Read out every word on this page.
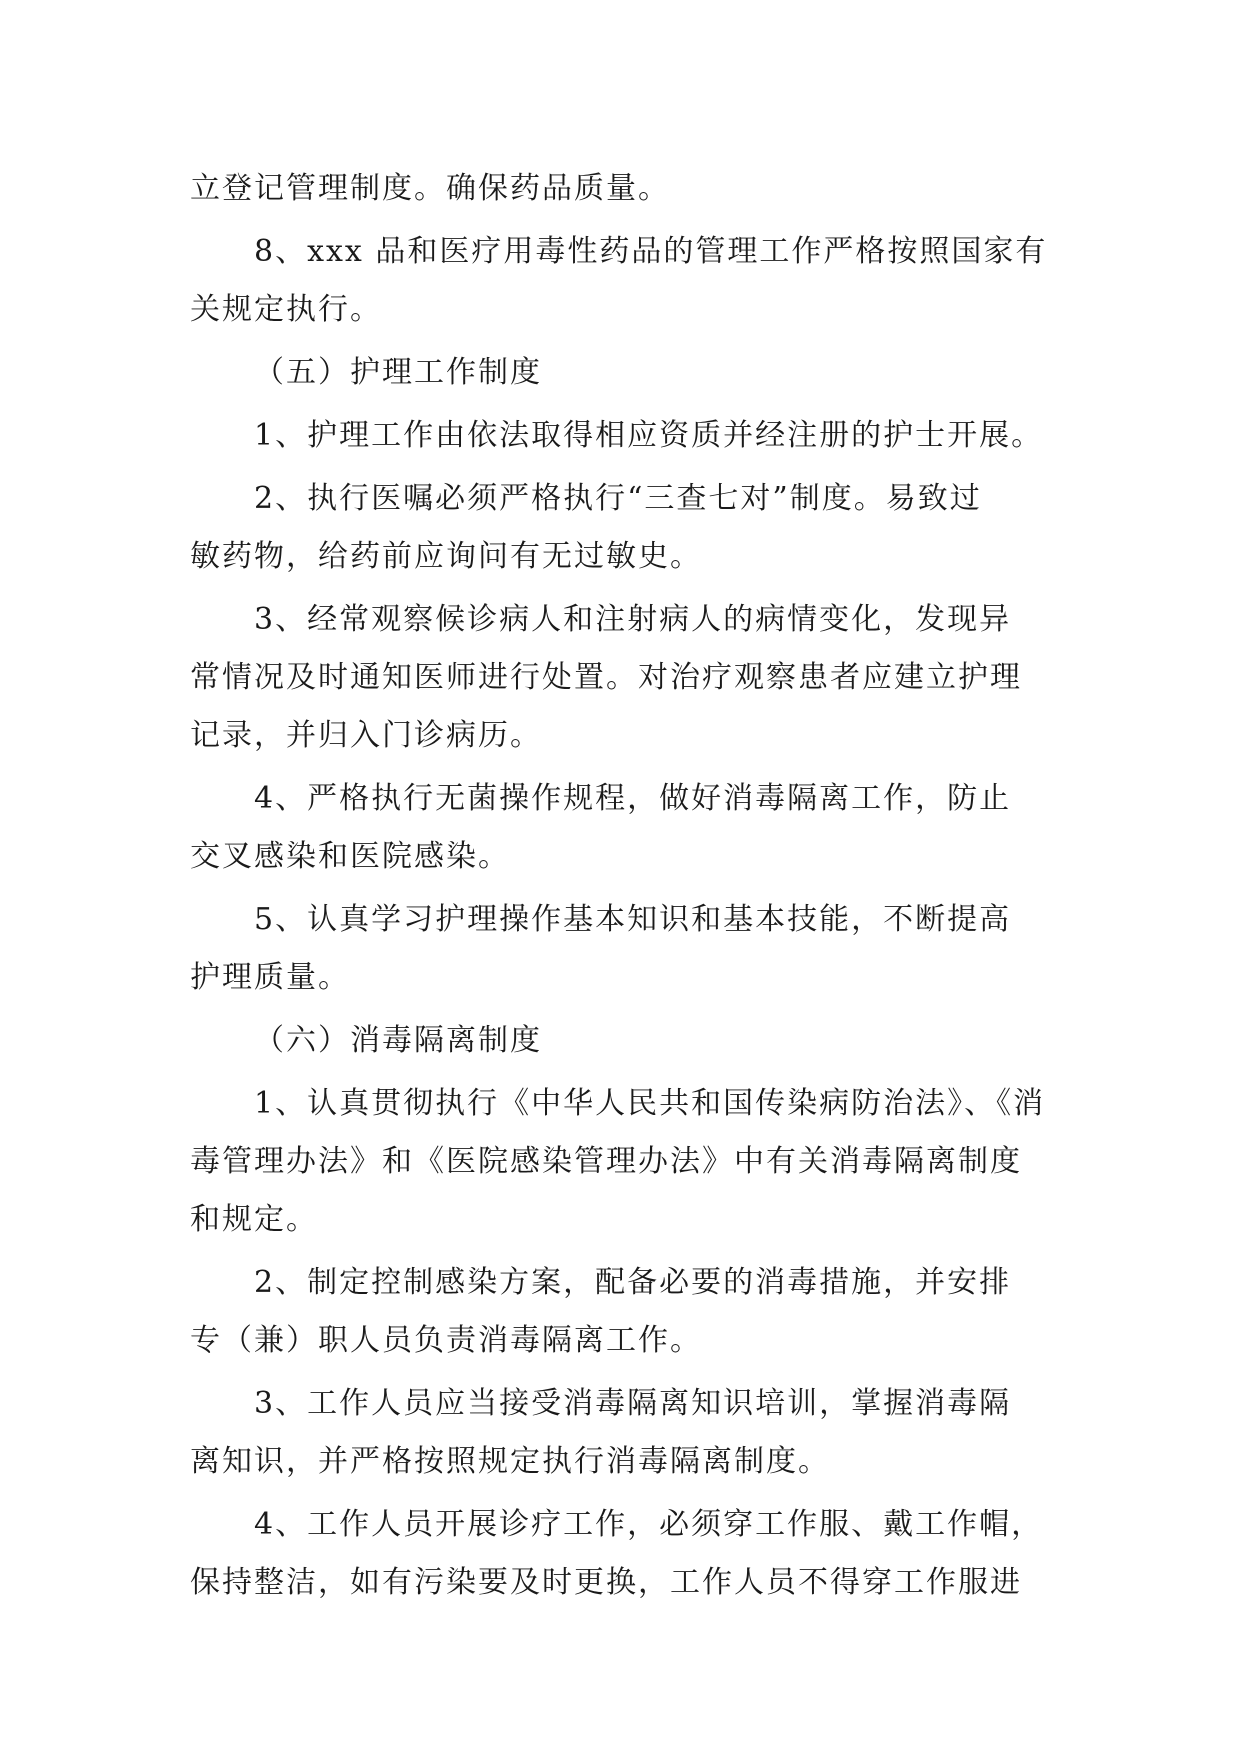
立登记管理制度。确保药品质量。
8、xxx 品和医疗用毒性药品的管理工作严格按照国家有
关规定执行。
（五）护理工作制度
1、护理工作由依法取得相应资质并经注册的护士开展。
2、执行医嘱必须严格执行“三查七对”制度。易致过
敏药物，给药前应询问有无过敏史。
3、经常观察候诊病人和注射病人的病情变化，发现异
常情况及时通知医师进行处置。对治疗观察患者应建立护理
记录，并归入门诊病历。
4、严格执行无菌操作规程，做好消毒隔离工作，防止
交叉感染和医院感染。
5、认真学习护理操作基本知识和基本技能，不断提高
护理质量。
（六）消毒隔离制度
1、认真贯彻执行《中华人民共和国传染病防治法》、《消
毒管理办法》和《医院感染管理办法》中有关消毒隔离制度
和规定。
2、制定控制感染方案，配备必要的消毒措施，并安排
专（兼）职人员负责消毒隔离工作。
3、工作人员应当接受消毒隔离知识培训，掌握消毒隔
离知识，并严格按照规定执行消毒隔离制度。
4、工作人员开展诊疗工作，必须穿工作服、戴工作帽，
保持整洁，如有污染要及时更换，工作人员不得穿工作服进
